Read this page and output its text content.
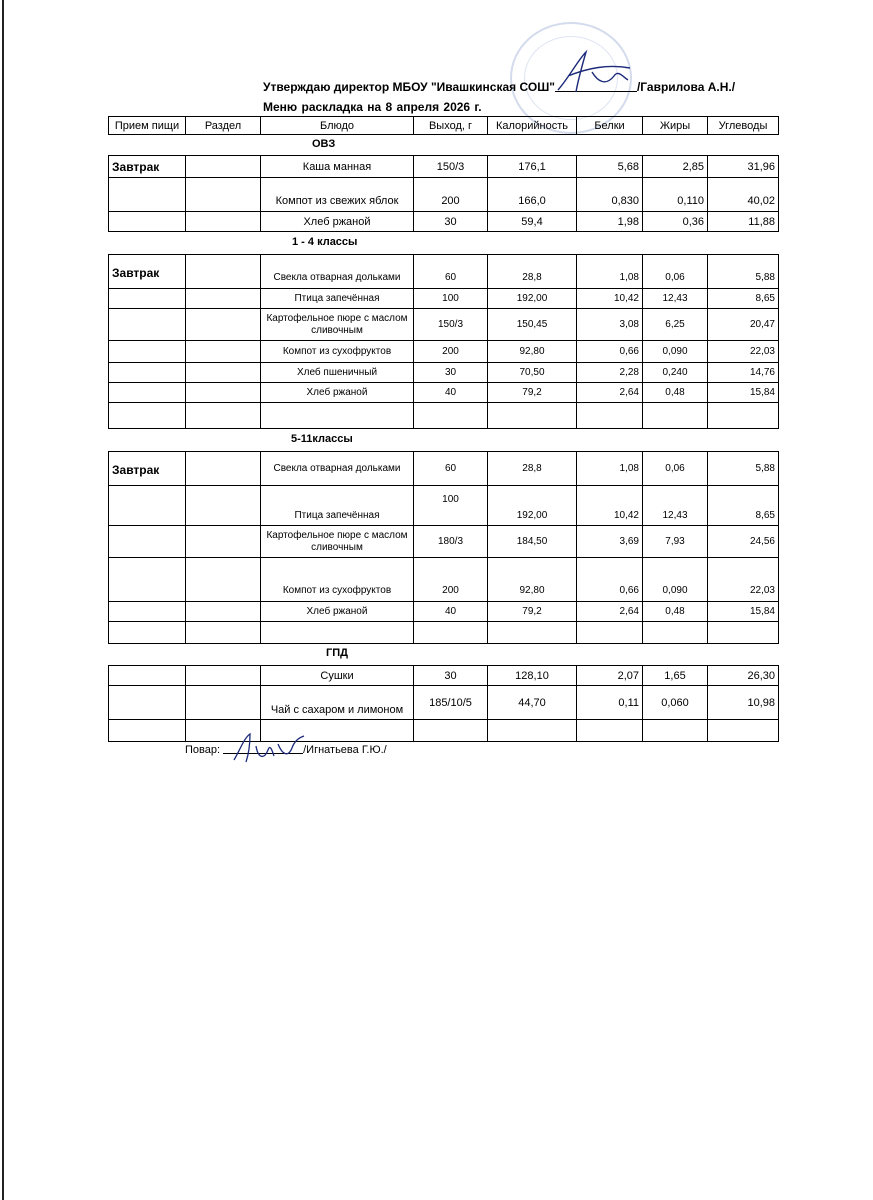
Утверждаю директор МБОУ "Ивашкинская СОШ"	/Гаврилова А.Н./
Меню раскладка на 8 апреля 2026 г.
Прием пищи	Раздел	Блюдо	Выход, г	Калорийность	Белки	Жиры	Углеводы
ОВЗ
Завтрак		Каша манная	150/3	176,1	5,68	2,85	31,96
		Компот из свежих яблок	200	166,0	0,830	0,110	40,02
		Хлеб ржаной	30	59,4	1,98	0,36	11,88
1 - 4 классы
Завтрак		Свекла отварная дольками	60	28,8	1,08	0,06	5,88
		Птица запечённая	100	192,00	10,42	12,43	8,65
		Картофельное пюре с маслом сливочным	150/3	150,45	3,08	6,25	20,47
		Компот из сухофруктов	200	92,80	0,66	0,090	22,03
		Хлеб пшеничный	30	70,50	2,28	0,240	14,76
		Хлеб ржаной	40	79,2	2,64	0,48	15,84

5-11классы
Завтрак		Свекла отварная дольками	60	28,8	1,08	0,06	5,88
		Птица запечённая	100	192,00	10,42	12,43	8,65
		Картофельное пюре с маслом сливочным	180/3	184,50	3,69	7,93	24,56
		Компот из сухофруктов	200	92,80	0,66	0,090	22,03
		Хлеб ржаной	40	79,2	2,64	0,48	15,84

ГПД
		Сушки	30	128,10	2,07	1,65	26,30
		Чай с сахаром и лимоном	185/10/5	44,70	0,11	0,060	10,98

Повар:	/Игнатьева Г.Ю./
